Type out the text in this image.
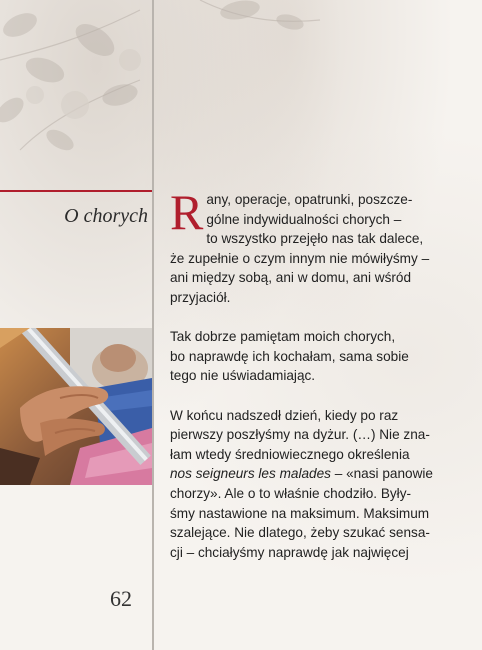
O chorych R any, operacje, opatrunki, poszcze-
gólne indywidualności chorych –
to wszystko przejęło nas tak dalece,
że zupełnie o czym innym nie mówiłyśmy –
ani między sobą, ani w domu, ani wśród
przyjaciół.
Tak dobrze pamiętam moich chorych,
bo naprawdę ich kochałam, sama sobie
tego nie uświadamiając.
W końcu nadszedł dzień, kiedy po raz
pierwszy poszłyśmy na dyżur. (…) Nie zna-
łam wtedy średniowiecznego określenia
nos seigneurs les malades – «nasi panowie
chorzy». Ale o to właśnie chodziło. Były-
śmy nastawione na maksimum. Maksimum
szalejące. Nie dlatego, żeby szukać sensa-
cji – chciałyśmy naprawdę jak najwięcej
62
